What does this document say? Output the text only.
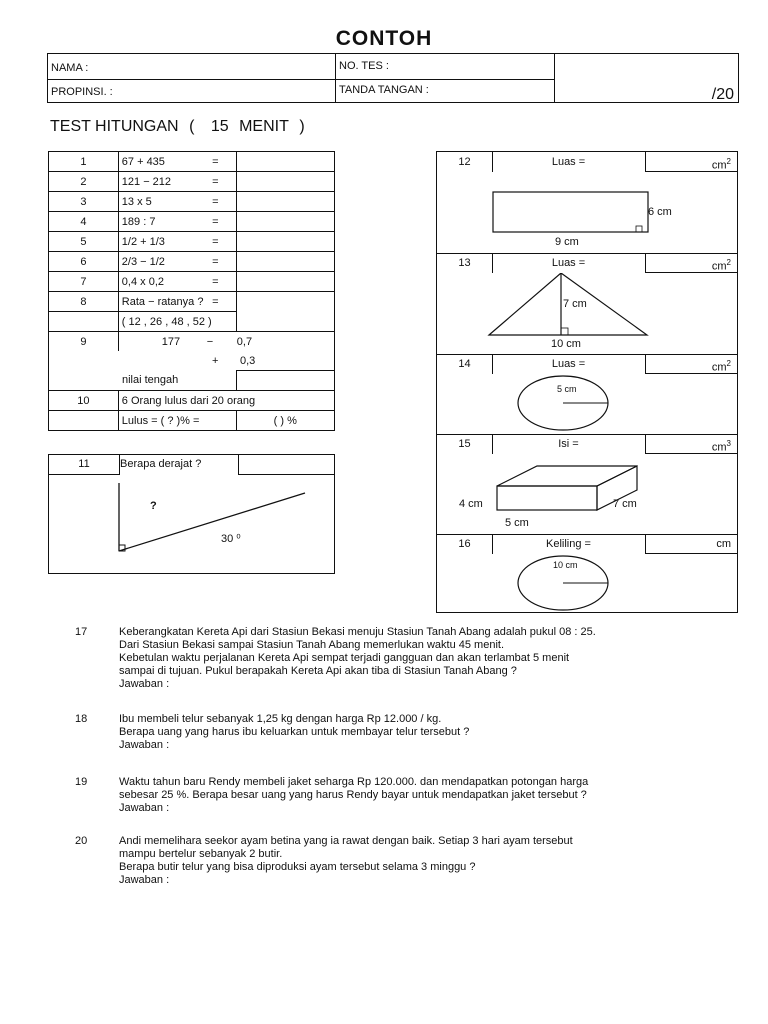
CONTOH
NAMA :	NO. TES :
PROPINSI. :	TANDA TANGAN :	/20
TEST HITUNGAN ( 15 MENIT )
1	67 + 435 =	

2	121 − 212 =	

3	13 x 5 =	

4	189 : 7 =	

5	1/2 + 1/3 =	

6	2/3 − 1/2 =	

7	0,4 x 0,2 =	

8	Rata − ratanya ? =	

	( 12 , 26 , 48 , 52 )	
9	177 − 0,7	
+ 0,3		
nilai tengah		
10	6 Orang lulus dari 20 orang	
	Lulus = ( ? )% =	( ) %
11	Berapa derajat ?
?
30 ⁰
12	Luas =	$cm^2$
6 cm
9 cm
13	Luas =	$cm^2$
7 cm
10 cm
14	Luas =	$cm^2$
5 cm
15	Isi =	$cm^3$
4 cm	7 cm
5 cm
16	Keliling =	cm
10 cm
17	Keberangkatan Kereta Api dari Stasiun Bekasi menuju Stasiun Tanah Abang adalah pukul 08 : 25.
Dari Stasiun Bekasi sampai Stasiun Tanah Abang memerlukan waktu 45 menit.
Kebetulan waktu perjalanan Kereta Api sempat terjadi gangguan dan akan terlambat 5 menit
sampai di tujuan. Pukul berapakah Kereta Api akan tiba di Stasiun Tanah Abang ?
Jawaban :
18	Ibu membeli telur sebanyak 1,25 kg dengan harga Rp 12.000 / kg.
Berapa uang yang harus ibu keluarkan untuk membayar telur tersebut ?
Jawaban :
19	Waktu tahun baru Rendy membeli jaket seharga Rp 120.000. dan mendapatkan potongan harga
sebesar 25 %. Berapa besar uang yang harus Rendy bayar untuk mendapatkan jaket tersebut ?
Jawaban :
20	Andi memelihara seekor ayam betina yang ia rawat dengan baik. Setiap 3 hari ayam tersebut
mampu bertelur sebanyak 2 butir.
Berapa butir telur yang bisa diproduksi ayam tersebut selama 3 minggu ?
Jawaban :
